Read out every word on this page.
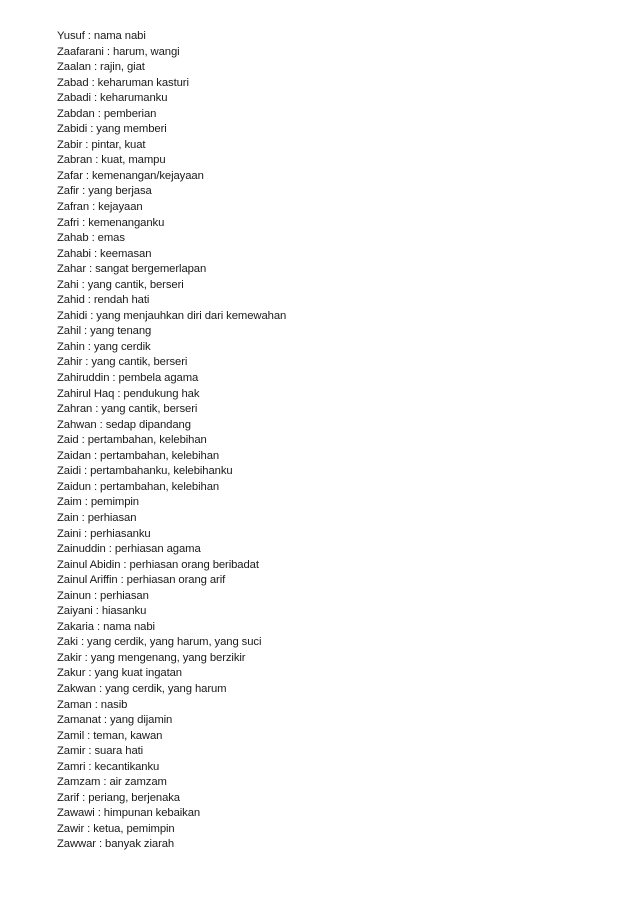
Yusuf : nama nabi
Zaafarani : harum, wangi
Zaalan : rajin, giat
Zabad : keharuman kasturi
Zabadi : keharumanku
Zabdan : pemberian
Zabidi : yang memberi
Zabir : pintar, kuat
Zabran : kuat, mampu
Zafar : kemenangan/kejayaan
Zafir : yang berjasa
Zafran : kejayaan
Zafri : kemenanganku
Zahab : emas
Zahabi : keemasan
Zahar : sangat bergemerlapan
Zahi : yang cantik, berseri
Zahid : rendah hati
Zahidi : yang menjauhkan diri dari kemewahan
Zahil : yang tenang
Zahin : yang cerdik
Zahir : yang cantik, berseri
Zahiruddin : pembela agama
Zahirul Haq : pendukung hak
Zahran : yang cantik, berseri
Zahwan : sedap dipandang
Zaid : pertambahan, kelebihan
Zaidan : pertambahan, kelebihan
Zaidi : pertambahanku, kelebihanku
Zaidun : pertambahan, kelebihan
Zaim : pemimpin
Zain : perhiasan
Zaini : perhiasanku
Zainuddin : perhiasan agama
Zainul Abidin : perhiasan orang beribadat
Zainul Ariffin : perhiasan orang arif
Zainun : perhiasan
Zaiyani : hiasanku
Zakaria : nama nabi
Zaki : yang cerdik, yang harum, yang suci
Zakir : yang mengenang, yang berzikir
Zakur : yang kuat ingatan
Zakwan : yang cerdik, yang harum
Zaman : nasib
Zamanat : yang dijamin
Zamil : teman, kawan
Zamir : suara hati
Zamri : kecantikanku
Zamzam : air zamzam
Zarif : periang, berjenaka
Zawawi : himpunan kebaikan
Zawir : ketua, pemimpin
Zawwar : banyak ziarah
